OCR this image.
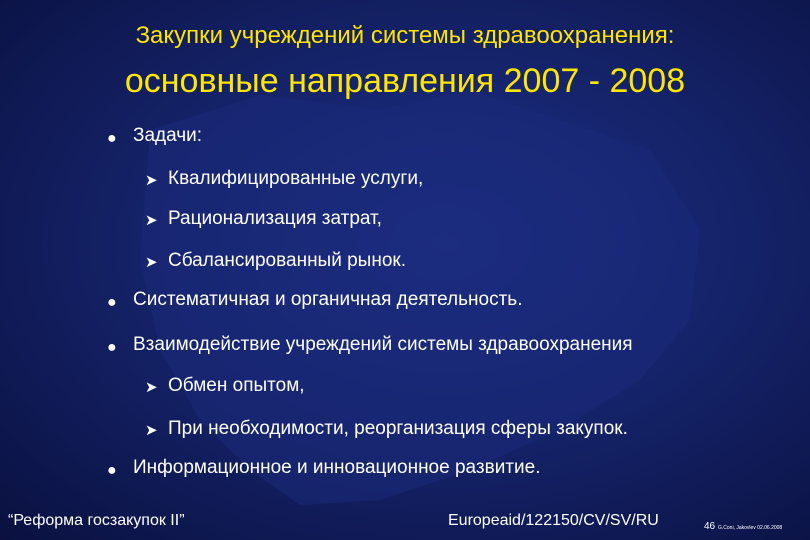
Закупки учреждений системы здравоохранения:
основные направления 2007 - 2008
● Задачи:
➤ Квалифицированные услуги,
➤ Рационализация затрат,
➤ Сбалансированный рынок.
● Систематичная и органичная деятельность.
● Взаимодействие учреждений системы здравоохранения
➤ Обмен опытом,
➤ При необходимости, реорганизация сферы закупок.
● Информационное и инновационное развитие.
“Реформа госзакупок II”	Europeaid/122150/CV/SV/RU	46 G.Coni, Jakovlev 02.06.2008
